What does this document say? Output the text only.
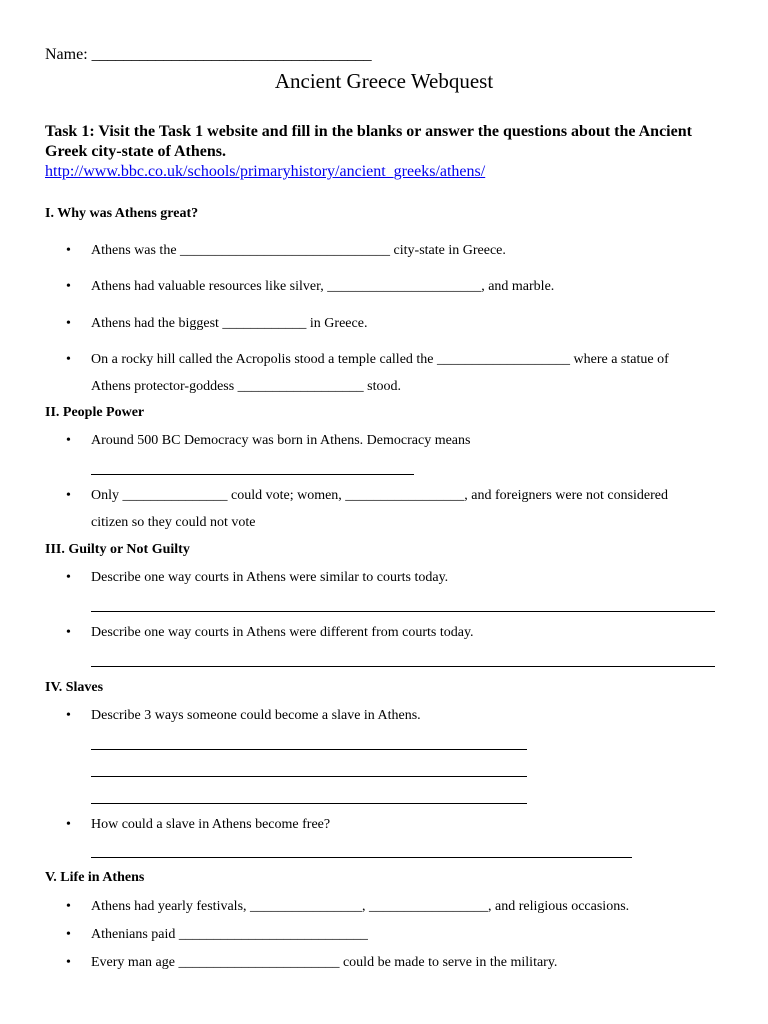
Name: ___________________________________
Ancient Greece Webquest
Task 1: Visit the Task 1 website and fill in the blanks or answer the questions about the Ancient Greek city-state of Athens.
http://www.bbc.co.uk/schools/primaryhistory/ancient_greeks/athens/
I. Why was Athens great?
• Athens was the ______________________________ city-state in Greece.
• Athens had valuable resources like silver, ______________________, and marble.
• Athens had the biggest ____________ in Greece.
• On a rocky hill called the Acropolis stood a temple called the ___________________ where a statue of
Athens protector-goddess __________________ stood.
II. People Power
• Around 500 BC Democracy was born in Athens. Democracy means
• Only _______________ could vote; women, _________________, and foreigners were not considered
citizen so they could not vote
III. Guilty or Not Guilty
• Describe one way courts in Athens were similar to courts today.
• Describe one way courts in Athens were different from courts today.
IV. Slaves
• Describe 3 ways someone could become a slave in Athens.
• How could a slave in Athens become free?
V. Life in Athens
• Athens had yearly festivals, ________________, _________________, and religious occasions.
• Athenians paid ___________________________
• Every man age _______________________ could be made to serve in the military.
